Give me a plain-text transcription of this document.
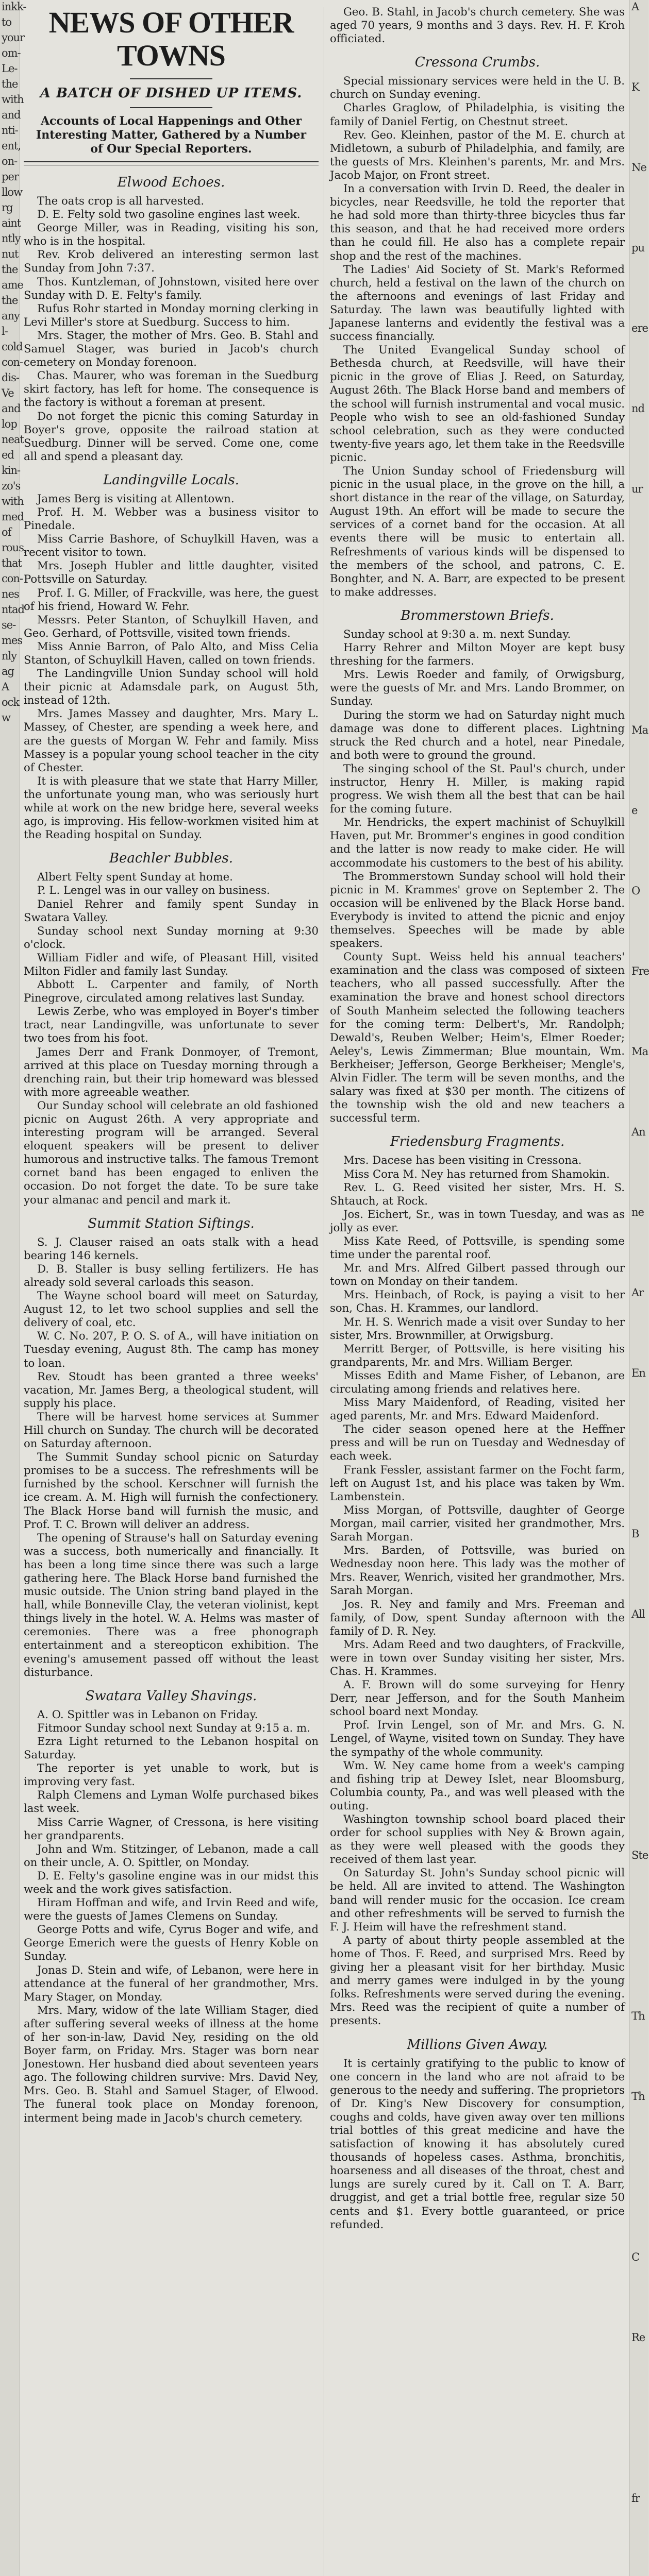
inkk-
to
your
om-
Le-
the
with
and
nti-
ent,
on-
per
llow
rg
aint
ntly
nut
the
ame
the
any
l-
cold
con-
dis-
Ve
and
lop
neat
ed
kin-
zo's
with
med
of
rous,
that
con-
nes
ntad
se-
mes
nly
ag
A
ock
w
NEWS OF OTHER TOWNS
A BATCH OF DISHED UP ITEMS.
Accounts of Local Happenings and Other Interesting Matter, Gathered by a Number of Our Special Reporters.
Elwood Echoes.

The oats crop is all harvested.

D. E. Felty sold two gasoline engines last week.

George Miller, was in Reading, visiting his son, who is in the hospital.

Rev. Krob delivered an interesting sermon last Sunday from John 7:37.

Thos. Kuntzleman, of Johnstown, visited here over Sunday with D. E. Felty's family.

Rufus Rohr started in Monday morning clerking in Levi Miller's store at Suedburg. Success to him.

Mrs. Stager, the mother of Mrs. Geo. B. Stahl and Samuel Stager, was buried in Jacob's church cemetery on Monday forenoon.

Chas. Maurer, who was foreman in the Suedburg skirt factory, has left for home. The consequence is the factory is without a foreman at present.

Do not forget the picnic this coming Saturday in Boyer's grove, opposite the railroad station at Suedburg. Dinner will be served. Come one, come all and spend a pleasant day.

Landingville Locals.

James Berg is visiting at Allentown.

Prof. H. M. Webber was a business visitor to Pinedale.

Miss Carrie Bashore, of Schuylkill Haven, was a recent visitor to town.

Mrs. Joseph Hubler and little daughter, visited Pottsville on Saturday.

Prof. I. G. Miller, of Frackville, was here, the guest of his friend, Howard W. Fehr.

Messrs. Peter Stanton, of Schuylkill Haven, and Geo. Gerhard, of Pottsville, visited town friends.

Miss Annie Barron, of Palo Alto, and Miss Celia Stanton, of Schuylkill Haven, called on town friends.

The Landingville Union Sunday school will hold their picnic at Adamsdale park, on August 5th, instead of 12th.

Mrs. James Massey and daughter, Mrs. Mary L. Massey, of Chester, are spending a week here, and are the guests of Morgan W. Fehr and family. Miss Massey is a popular young school teacher in the city of Chester.

It is with pleasure that we state that Harry Miller, the unfortunate young man, who was seriously hurt while at work on the new bridge here, several weeks ago, is improving. His fellow-workmen visited him at the Reading hospital on Sunday.

Beachler Bubbles.

Albert Felty spent Sunday at home.

P. L. Lengel was in our valley on business.

Daniel Rehrer and family spent Sunday in Swatara Valley.

Sunday school next Sunday morning at 9:30 o'clock.

William Fidler and wife, of Pleasant Hill, visited Milton Fidler and family last Sunday.

Abbott L. Carpenter and family, of North Pinegrove, circulated among relatives last Sunday.

Lewis Zerbe, who was employed in Boyer's timber tract, near Landingville, was unfortunate to sever two toes from his foot.

James Derr and Frank Donmoyer, of Tremont, arrived at this place on Tuesday morning through a drenching rain, but their trip homeward was blessed with more agreeable weather.

Our Sunday school will celebrate an old fashioned picnic on August 26th. A very appropriate and interesting program will be arranged. Several eloquent speakers will be present to deliver humorous and instructive talks. The famous Tremont cornet band has been engaged to enliven the occasion. Do not forget the date. To be sure take your almanac and pencil and mark it.

Summit Station Siftings.

S. J. Clauser raised an oats stalk with a head bearing 146 kernels.

D. B. Staller is busy selling fertilizers. He has already sold several carloads this season.

The Wayne school board will meet on Saturday, August 12, to let two school supplies and sell the delivery of coal, etc.

W. C. No. 207, P. O. S. of A., will have initiation on Tuesday evening, August 8th. The camp has money to loan.

Rev. Stoudt has been granted a three weeks' vacation, Mr. James Berg, a theological student, will supply his place.

There will be harvest home services at Summer Hill church on Sunday. The church will be decorated on Saturday afternoon.

The Summit Sunday school picnic on Saturday promises to be a success. The refreshments will be furnished by the school. Kerschner will furnish the ice cream. A. M. High will furnish the confectionery. The Black Horse band will furnish the music, and Prof. T. C. Brown will deliver an address.

The opening of Strause's hall on Saturday evening was a success, both numerically and financially. It has been a long time since there was such a large gathering here. The Black Horse band furnished the music outside. The Union string band played in the hall, while Bonneville Clay, the veteran violinist, kept things lively in the hotel. W. A. Helms was master of ceremonies. There was a free phonograph entertainment and a stereopticon exhibition. The evening's amusement passed off without the least disturbance.

Swatara Valley Shavings.

A. O. Spittler was in Lebanon on Friday.

Fitmoor Sunday school next Sunday at 9:15 a. m.

Ezra Light returned to the Lebanon hospital on Saturday.

The reporter is yet unable to work, but is improving very fast.

Ralph Clemens and Lyman Wolfe purchased bikes last week.

Miss Carrie Wagner, of Cressona, is here visiting her grandparents.

John and Wm. Stitzinger, of Lebanon, made a call on their uncle, A. O. Spittler, on Monday.

D. E. Felty's gasoline engine was in our midst this week and the work gives satisfaction.

Hiram Hoffman and wife, and Irvin Reed and wife, were the guests of James Clemens on Sunday.

George Potts and wife, Cyrus Boger and wife, and George Emerich were the guests of Henry Koble on Sunday.

Jonas D. Stein and wife, of Lebanon, were here in attendance at the funeral of her grandmother, Mrs. Mary Stager, on Monday.

Mrs. Mary, widow of the late William Stager, died after suffering several weeks of illness at the home of her son-in-law, David Ney, residing on the old Boyer farm, on Friday. Mrs. Stager was born near Jonestown. Her husband died about seventeen years ago. The following children survive: Mrs. David Ney, Mrs. Geo. B. Stahl and Samuel Stager, of Elwood. The funeral took place on Monday forenoon, interment being made in Jacob's church cemetery.

Geo. B. Stahl, in Jacob's church cemetery. She was aged 70 years, 9 months and 3 days. Rev. H. F. Kroh officiated.

Cressona Crumbs.

Special missionary services were held in the U. B. church on Sunday evening.

Charles Graglow, of Philadelphia, is visiting the family of Daniel Fertig, on Chestnut street.

Rev. Geo. Kleinhen, pastor of the M. E. church at Midletown, a suburb of Philadelphia, and family, are the guests of Mrs. Kleinhen's parents, Mr. and Mrs. Jacob Major, on Front street.

In a conversation with Irvin D. Reed, the dealer in bicycles, near Reedsville, he told the reporter that he had sold more than thirty-three bicycles thus far this season, and that he had received more orders than he could fill. He also has a complete repair shop and the rest of the machines.

The Ladies' Aid Society of St. Mark's Reformed church, held a festival on the lawn of the church on the afternoons and evenings of last Friday and Saturday. The lawn was beautifully lighted with Japanese lanterns and evidently the festival was a success financially.

The United Evangelical Sunday school of Bethesda church, at Reedsville, will have their picnic in the grove of Elias J. Reed, on Saturday, August 26th. The Black Horse band and members of the school will furnish instrumental and vocal music. People who wish to see an old-fashioned Sunday school celebration, such as they were conducted twenty-five years ago, let them take in the Reedsville picnic.

The Union Sunday school of Friedensburg will picnic in the usual place, in the grove on the hill, a short distance in the rear of the village, on Saturday, August 19th. An effort will be made to secure the services of a cornet band for the occasion. At all events there will be music to entertain all. Refreshments of various kinds will be dispensed to the members of the school, and patrons, C. E. Bonghter, and N. A. Barr, are expected to be present to make addresses.

Brommerstown Briefs.

Sunday school at 9:30 a. m. next Sunday.

Harry Rehrer and Milton Moyer are kept busy threshing for the farmers.

Mrs. Lewis Roeder and family, of Orwigsburg, were the guests of Mr. and Mrs. Lando Brommer, on Sunday.

During the storm we had on Saturday night much damage was done to different places. Lightning struck the Red church and a hotel, near Pinedale, and both were to ground the ground.

The singing school of the St. Paul's church, under instructor, Henry H. Miller, is making rapid progress. We wish them all the best that can be hail for the coming future.

Mr. Hendricks, the expert machinist of Schuylkill Haven, put Mr. Brommer's engines in good condition and the latter is now ready to make cider. He will accommodate his customers to the best of his ability.

The Brommerstown Sunday school will hold their picnic in M. Krammes' grove on September 2. The occasion will be enlivened by the Black Horse band. Everybody is invited to attend the picnic and enjoy themselves. Speeches will be made by able speakers.

County Supt. Weiss held his annual teachers' examination and the class was composed of sixteen teachers, who all passed successfully. After the examination the brave and honest school directors of South Manheim selected the following teachers for the coming term: Delbert's, Mr. Randolph; Dewald's, Reuben Welber; Heim's, Elmer Roeder; Aeley's, Lewis Zimmerman; Blue mountain, Wm. Berkheiser; Jefferson, George Berkheiser; Mengle's, Alvin Fidler. The term will be seven months, and the salary was fixed at $30 per month. The citizens of the township wish the old and new teachers a successful term.

Friedensburg Fragments.

Mrs. Dacese has been visiting in Cressona.

Miss Cora M. Ney has returned from Shamokin.

Rev. L. G. Reed visited her sister, Mrs. H. S. Shtauch, at Rock.

Jos. Eichert, Sr., was in town Tuesday, and was as jolly as ever.

Miss Kate Reed, of Pottsville, is spending some time under the parental roof.

Mr. and Mrs. Alfred Gilbert passed through our town on Monday on their tandem.

Mrs. Heinbach, of Rock, is paying a visit to her son, Chas. H. Krammes, our landlord.

Mr. H. S. Wenrich made a visit over Sunday to her sister, Mrs. Brownmiller, at Orwigsburg.

Merritt Berger, of Pottsville, is here visiting his grandparents, Mr. and Mrs. William Berger.

Misses Edith and Mame Fisher, of Lebanon, are circulating among friends and relatives here.

Miss Mary Maidenford, of Reading, visited her aged parents, Mr. and Mrs. Edward Maidenford.

The cider season opened here at the Heffner press and will be run on Tuesday and Wednesday of each week.

Frank Fessler, assistant farmer on the Focht farm, left on August 1st, and his place was taken by Wm. Lambenstein.

Miss Morgan, of Pottsville, daughter of George Morgan, mail carrier, visited her grandmother, Mrs. Sarah Morgan.

Mrs. Barden, of Pottsville, was buried on Wednesday noon here. This lady was the mother of Mrs. Reaver, Wenrich, visited her grandmother, Mrs. Sarah Morgan.

Jos. R. Ney and family and Mrs. Freeman and family, of Dow, spent Sunday afternoon with the family of D. R. Ney.

Mrs. Adam Reed and two daughters, of Frackville, were in town over Sunday visiting her sister, Mrs. Chas. H. Krammes.

A. F. Brown will do some surveying for Henry Derr, near Jefferson, and for the South Manheim school board next Monday.

Prof. Irvin Lengel, son of Mr. and Mrs. G. N. Lengel, of Wayne, visited town on Sunday. They have the sympathy of the whole community.

Wm. W. Ney came home from a week's camping and fishing trip at Dewey Islet, near Bloomsburg, Columbia county, Pa., and was well pleased with the outing.

Washington township school board placed their order for school supplies with Ney & Brown again, as they were well pleased with the goods they received of them last year.

On Saturday St. John's Sunday school picnic will be held. All are invited to attend. The Washington band will render music for the occasion. Ice cream and other refreshments will be served to furnish the F. J. Heim will have the refreshment stand.

A party of about thirty people assembled at the home of Thos. F. Reed, and surprised Mrs. Reed by giving her a pleasant visit for her birthday. Music and merry games were indulged in by the young folks. Refreshments were served during the evening. Mrs. Reed was the recipient of quite a number of presents.

Millions Given Away.

It is certainly gratifying to the public to know of one concern in the land who are not afraid to be generous to the needy and suffering. The proprietors of Dr. King's New Discovery for consumption, coughs and colds, have given away over ten millions trial bottles of this great medicine and have the satisfaction of knowing it has absolutely cured thousands of hopeless cases. Asthma, bronchitis, hoarseness and all diseases of the throat, chest and lungs are surely cured by it. Call on T. A. Barr, druggist, and get a trial bottle free, regular size 50 cents and $1. Every bottle guaranteed, or price refunded.

A
K
Ne
pu
ere
nd
ur

Ma
e
O
Fre
Ma
An
ne
Ar
En

B
All

Ste

Th
Th

C
Re

fr
